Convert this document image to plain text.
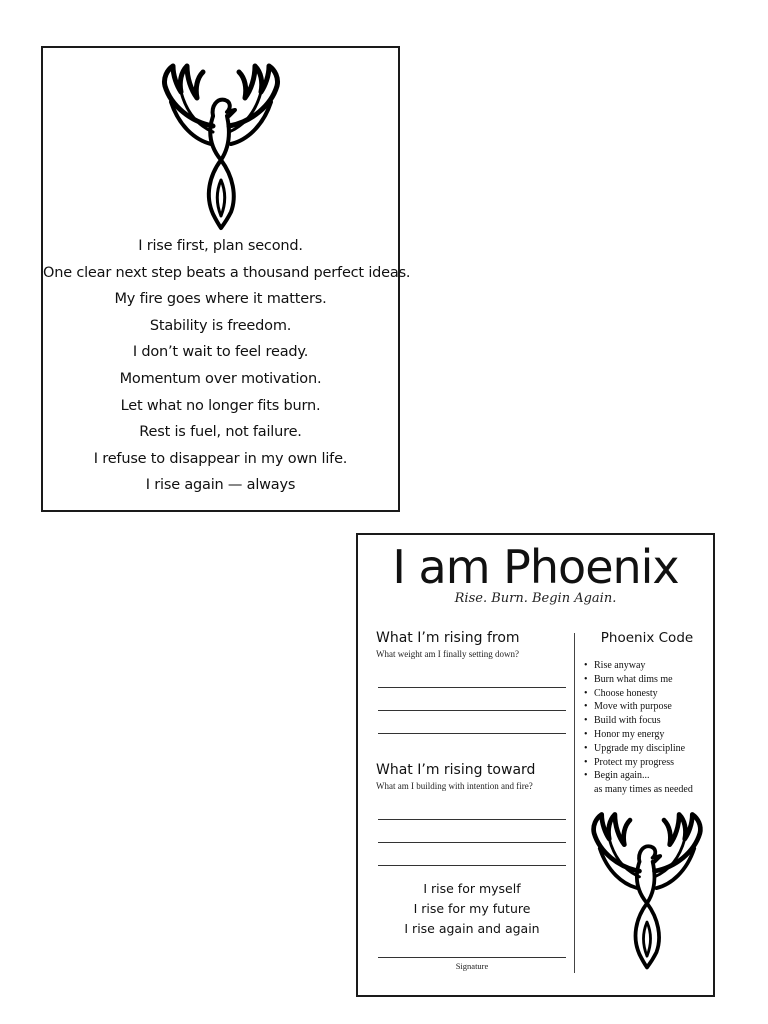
I rise first, plan second.
One clear next step beats a thousand perfect ideas.
My fire goes where it matters.
Stability is freedom.
I don’t wait to feel ready.
Momentum over motivation.
Let what no longer fits burn.
Rest is fuel, not failure.
I refuse to disappear in my own life.
I rise again — always
I am Phoenix
Rise. Burn. Begin Again.

What I’m rising from

What weight am I finally setting down?

What I’m rising toward

What am I building with intention and fire?

I rise for myself
I rise for my future
I rise again and again
Signature

Phoenix Code

• Rise anyway
• Burn what dims me
• Choose honesty
• Move with purpose
• Build with focus
• Honor my energy
• Upgrade my discipline
• Protect my progress
• Begin again...
as many times as needed
